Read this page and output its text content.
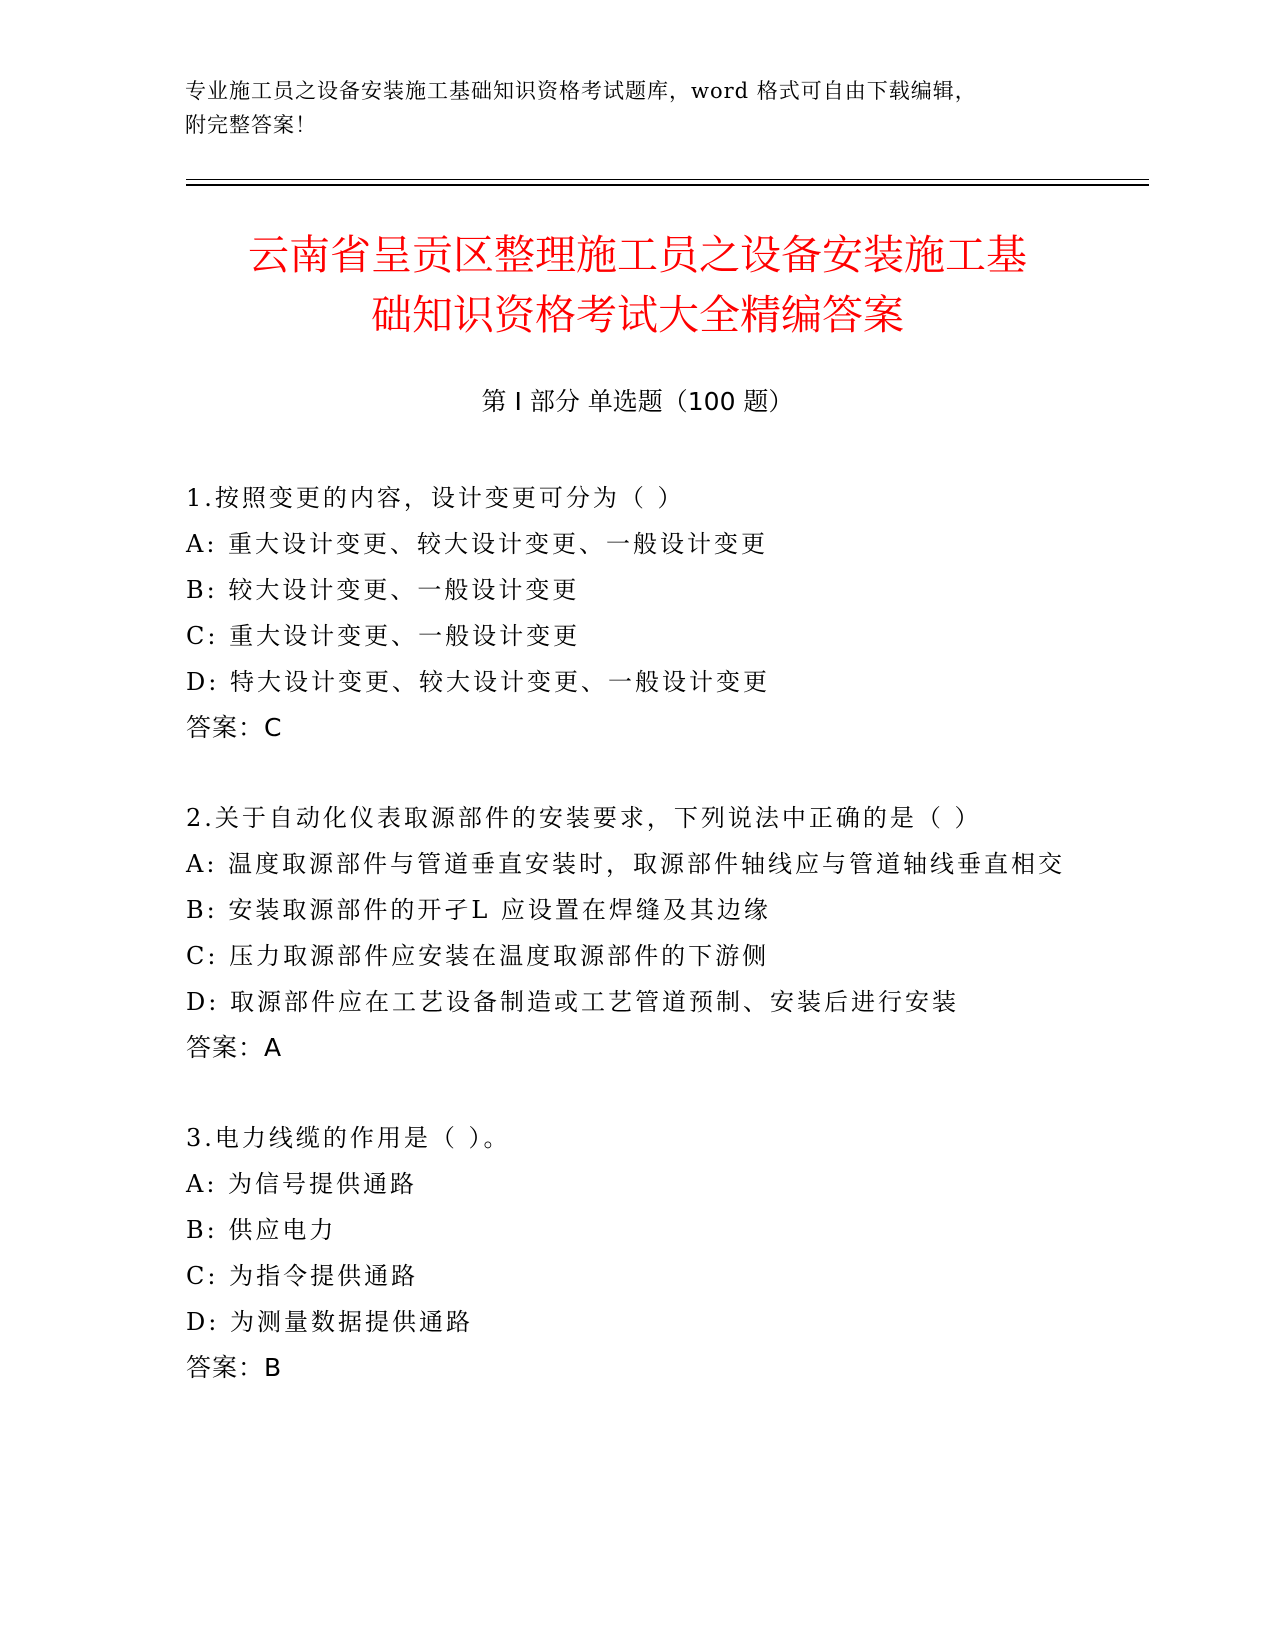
专业施工员之设备安装施工基础知识资格考试题库，word 格式可自由下载编辑，
附完整答案！
云南省呈贡区整理施工员之设备安装施工基
础知识资格考试大全精编答案
第 I 部分 单选题（100 题）
1.按照变更的内容，设计变更可分为（ ）
A: 重大设计变更、较大设计变更、一般设计变更
B: 较大设计变更、一般设计变更
C: 重大设计变更、一般设计变更
D: 特大设计变更、较大设计变更、一般设计变更
答案：C
2.关于自动化仪表取源部件的安装要求，下列说法中正确的是（ ）
A: 温度取源部件与管道垂直安装时，取源部件轴线应与管道轴线垂直相交
B: 安装取源部件的开孑L 应设置在焊缝及其边缘
C: 压力取源部件应安装在温度取源部件的下游侧
D: 取源部件应在工艺设备制造或工艺管道预制、安装后进行安装
答案：A
3.电力线缆的作用是（ ）。
A: 为信号提供通路
B: 供应电力
C: 为指令提供通路
D: 为测量数据提供通路
答案：B
